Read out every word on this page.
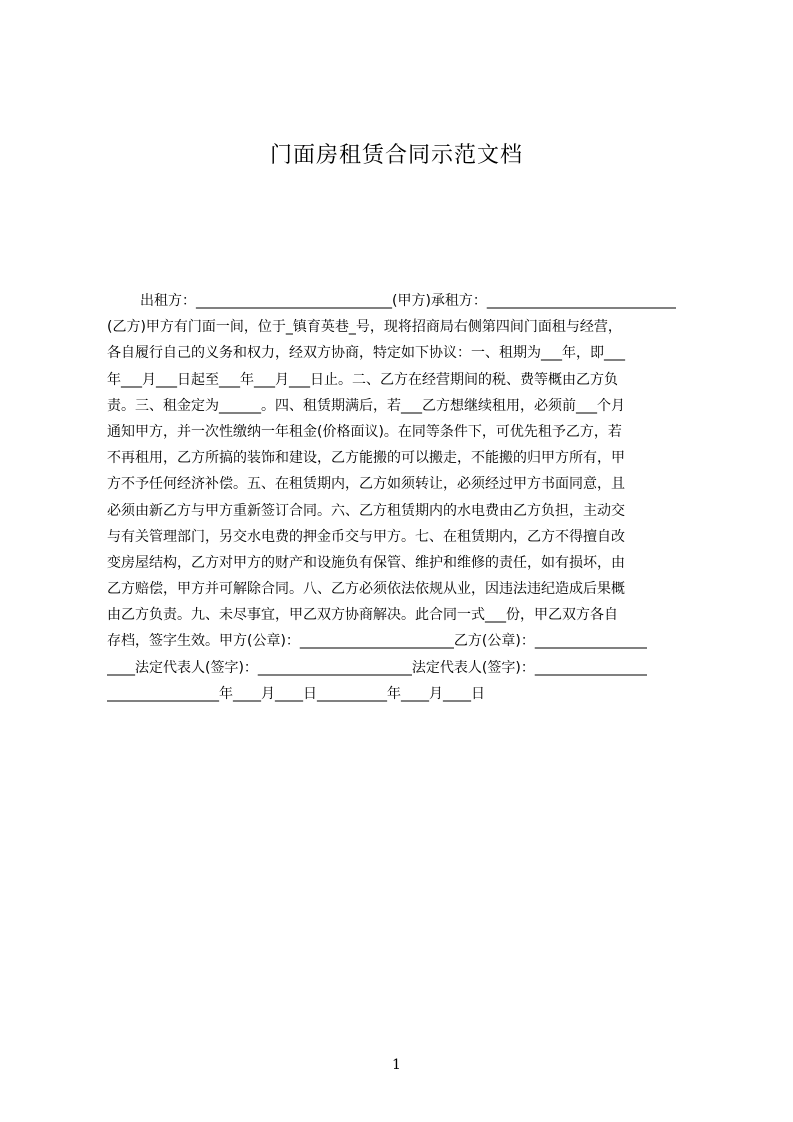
门面房租赁合同示范文档
出租方：____________________________(甲方)承租方：___________________________
(乙方)甲方有门面一间，位于_镇育英巷_号，现将招商局右侧第四间门面租与经营，
各自履行自己的义务和权力，经双方协商，特定如下协议：一、租期为___年，即___
年___月___日起至___年___月___日止。二、乙方在经营期间的税、费等概由乙方负
责。三、租金定为______。四、租赁期满后，若___乙方想继续租用，必须前___个月
通知甲方，并一次性缴纳一年租金(价格面议)。在同等条件下，可优先租予乙方，若
不再租用，乙方所搞的装饰和建设，乙方能搬的可以搬走，不能搬的归甲方所有，甲
方不予任何经济补偿。五、在租赁期内，乙方如须转让，必须经过甲方书面同意，且
必须由新乙方与甲方重新签订合同。六、乙方租赁期内的水电费由乙方负担，主动交
与有关管理部门，另交水电费的押金币交与甲方。七、在租赁期内，乙方不得擅自改
变房屋结构，乙方对甲方的财产和设施负有保管、维护和维修的责任，如有损坏，由
乙方赔偿，甲方并可解除合同。八、乙方必须依法依规从业，因违法违纪造成后果概
由乙方负责。九、未尽事宜，甲乙双方协商解决。此合同一式___份，甲乙双方各自
存档，签字生效。甲方(公章)：______________________乙方(公章)：________________
____法定代表人(签字)：______________________法定代表人(签字)：________________
________________年____月____日__________年____月____日
1
